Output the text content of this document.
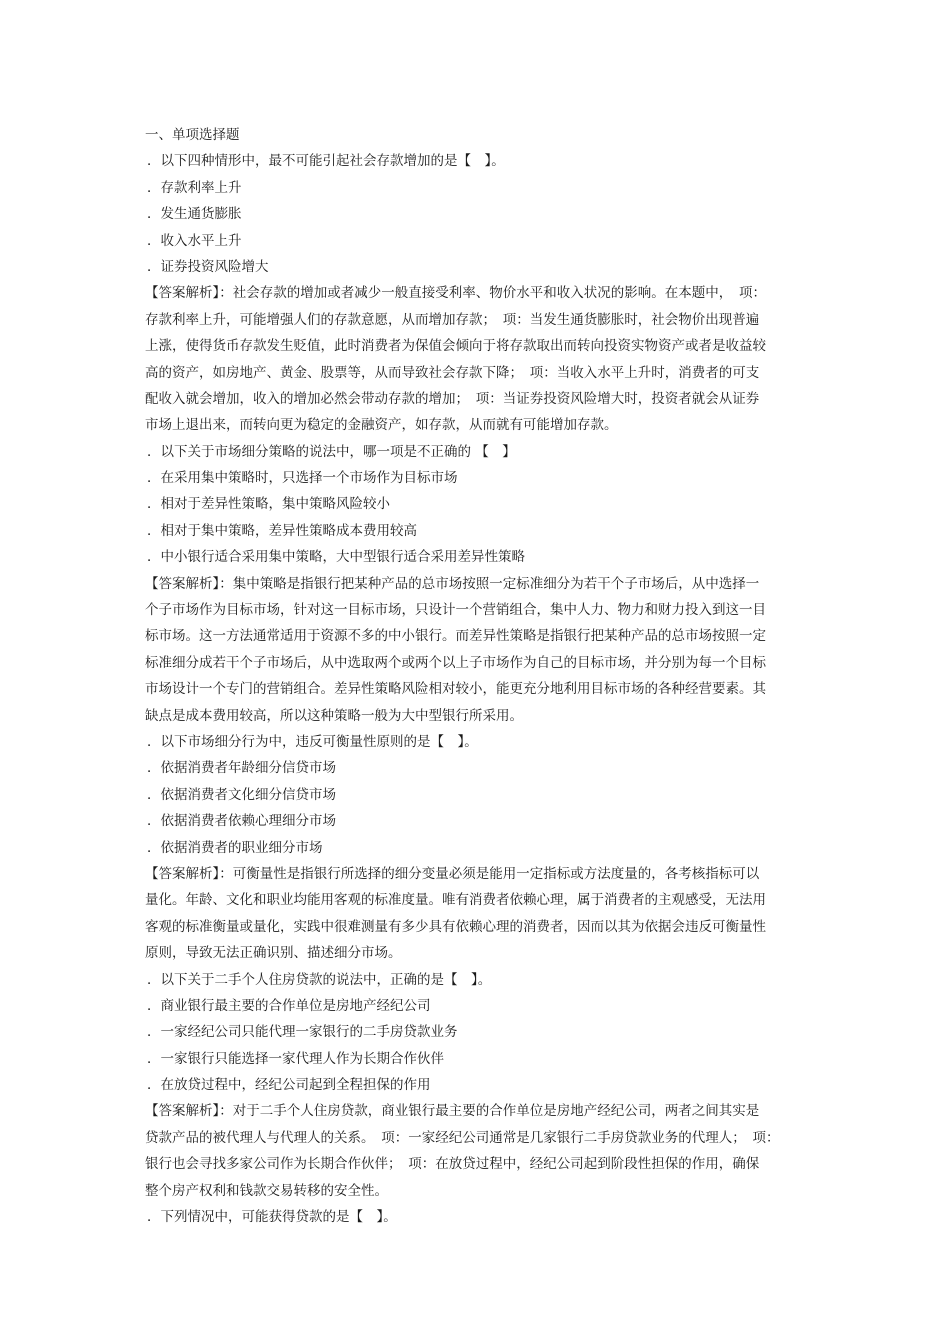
一、单项选择题
．以下四种情形中，最不可能引起社会存款增加的是【　】。
．存款利率上升
．发生通货膨胀
．收入水平上升
．证券投资风险增大
【答案解析】：社会存款的增加或者减少一般直接受利率、物价水平和收入状况的影响。在本题中，　项：
存款利率上升，可能增强人们的存款意愿，从而增加存款；　项：当发生通货膨胀时，社会物价出现普遍
上涨，使得货币存款发生贬值，此时消费者为保值会倾向于将存款取出而转向投资实物资产或者是收益较
高的资产，如房地产、黄金、股票等，从而导致社会存款下降；　项：当收入水平上升时，消费者的可支
配收入就会增加，收入的增加必然会带动存款的增加；　项：当证券投资风险增大时，投资者就会从证券
市场上退出来，而转向更为稳定的金融资产，如存款，从而就有可能增加存款。
．以下关于市场细分策略的说法中，哪一项是不正确的 【　】
．在采用集中策略时，只选择一个市场作为目标市场
．相对于差异性策略，集中策略风险较小
．相对于集中策略，差异性策略成本费用较高
．中小银行适合采用集中策略，大中型银行适合采用差异性策略
【答案解析】：集中策略是指银行把某种产品的总市场按照一定标准细分为若干个子市场后，从中选择一
个子市场作为目标市场，针对这一目标市场，只设计一个营销组合，集中人力、物力和财力投入到这一目
标市场。这一方法通常适用于资源不多的中小银行。而差异性策略是指银行把某种产品的总市场按照一定
标准细分成若干个子市场后，从中选取两个或两个以上子市场作为自己的目标市场，并分别为每一个目标
市场设计一个专门的营销组合。差异性策略风险相对较小，能更充分地利用目标市场的各种经营要素。其
缺点是成本费用较高，所以这种策略一般为大中型银行所采用。
．以下市场细分行为中，违反可衡量性原则的是【　】。
．依据消费者年龄细分信贷市场
．依据消费者文化细分信贷市场
．依据消费者依赖心理细分市场
．依据消费者的职业细分市场
【答案解析】：可衡量性是指银行所选择的细分变量必须是能用一定指标或方法度量的，各考核指标可以
量化。年龄、文化和职业均能用客观的标准度量。唯有消费者依赖心理，属于消费者的主观感受，无法用
客观的标准衡量或量化，实践中很难测量有多少具有依赖心理的消费者，因而以其为依据会违反可衡量性
原则，导致无法正确识别、描述细分市场。
．以下关于二手个人住房贷款的说法中，正确的是【　】。
．商业银行最主要的合作单位是房地产经纪公司
．一家经纪公司只能代理一家银行的二手房贷款业务
．一家银行只能选择一家代理人作为长期合作伙伴
．在放贷过程中，经纪公司起到全程担保的作用
【答案解析】：对于二手个人住房贷款，商业银行最主要的合作单位是房地产经纪公司，两者之间其实是
贷款产品的被代理人与代理人的关系。　项：一家经纪公司通常是几家银行二手房贷款业务的代理人；　项：
银行也会寻找多家公司作为长期合作伙伴；　项：在放贷过程中，经纪公司起到阶段性担保的作用，确保
整个房产权利和钱款交易转移的安全性。
．下列情况中，可能获得贷款的是【　】。
